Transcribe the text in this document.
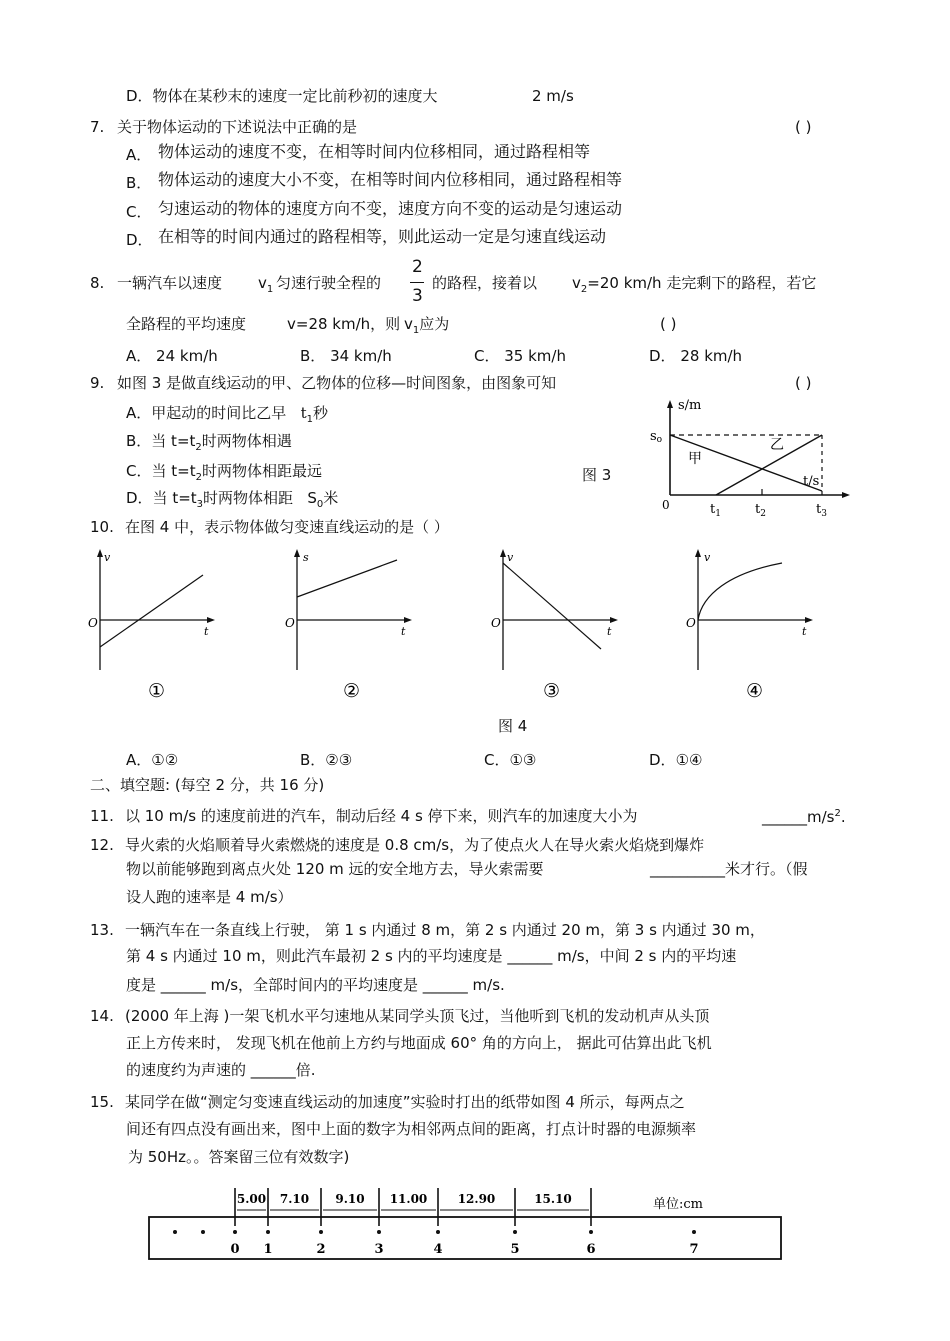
D．物体在某秒末的速度一定比前秒初的速度大	2 m/s
7. 关于物体运动的下述说法中正确的是	( )
A． 物体运动的速度不变，在相等时间内位移相同，通过路程相等
B． 物体运动的速度大小不变，在相等时间内位移相同，通过路程相等
C． 匀速运动的物体的速度方向不变，速度方向不变的运动是匀速运动
D． 在相等的时间内通过的路程相等，则此运动一定是匀速直线运动
8. 一辆汽车以速度 $v_1$ 匀速行驶全程的
2
3
的路程，接着以 $v_2=20$ km/h 走完剩下的路程，若它
全路程的平均速度	v=28 km/h，则 $v_1$应为	( )
A． 24 km/h	B． 34 km/h	C． 35 km/h	D． 28 km/h
9. 如图 3 是做直线运动的甲、乙物体的位移—时间图象，由图象可知	( )
A．甲起动的时间比乙早 $t_1$秒
B．当 $t=t_2$时两物体相遇
C．当 $t=t_2$时两物体相距最远
D．当 $t=t_3$时两物体相距 $S_0$米
图 3
s/m
t/s
so
0
甲
乙
$t_1$	$t_2$	$t_3$
10. 在图 4 中，表示物体做匀变速直线运动的是（ ）
v
t
O
①
s
t
O
②
v
t
O
③
v
t
O
④
图 4
A．①②	B．②③	C．①③	D．①④
二、填空题: (每空 2 分，共 16 分)
11. 以 10 m/s 的速度前进的汽车，制动后经 4 s 停下来，则汽车的加速度大小为	$\_\_\_\_\_\_m/s^2$.
12. 导火索的火焰顺着导火索燃烧的速度是 0.8 cm/s，为了使点火人在导火索火焰烧到爆炸
物以前能够跑到离点火处 120 m 远的安全地方去，导火索需要	__________米才行。（假
设人跑的速率是 4 m/s）
13. 一辆汽车在一条直线上行驶， 第 1 s 内通过 8 m，第 2 s 内通过 20 m，第 3 s 内通过 30 m，
第 4 s 内通过 10 m，则此汽车最初 2 s 内的平均速度是 ______ m/s，中间 2 s 内的平均速
度是 ______ m/s，全部时间内的平均速度是 ______ m/s.
14. (2000 年上海 )一架飞机水平匀速地从某同学头顶飞过，当他听到飞机的发动机声从头顶
正上方传来时， 发现飞机在他前上方约与地面成 60° 角的方向上， 据此可估算出此飞机
的速度约为声速的 ______倍.
15. 某同学在做“测定匀变速直线运动的加速度”实验时打出的纸带如图 4 所示，每两点之
间还有四点没有画出来，图中上面的数字为相邻两点间的距离，打点计时器的电源频率
为 50Hz。。答案留三位有效数字)
5.00 7.10 9.10 11.00	12.90	15.10	单位:cm
0 1	2	3	4	5	6	7
